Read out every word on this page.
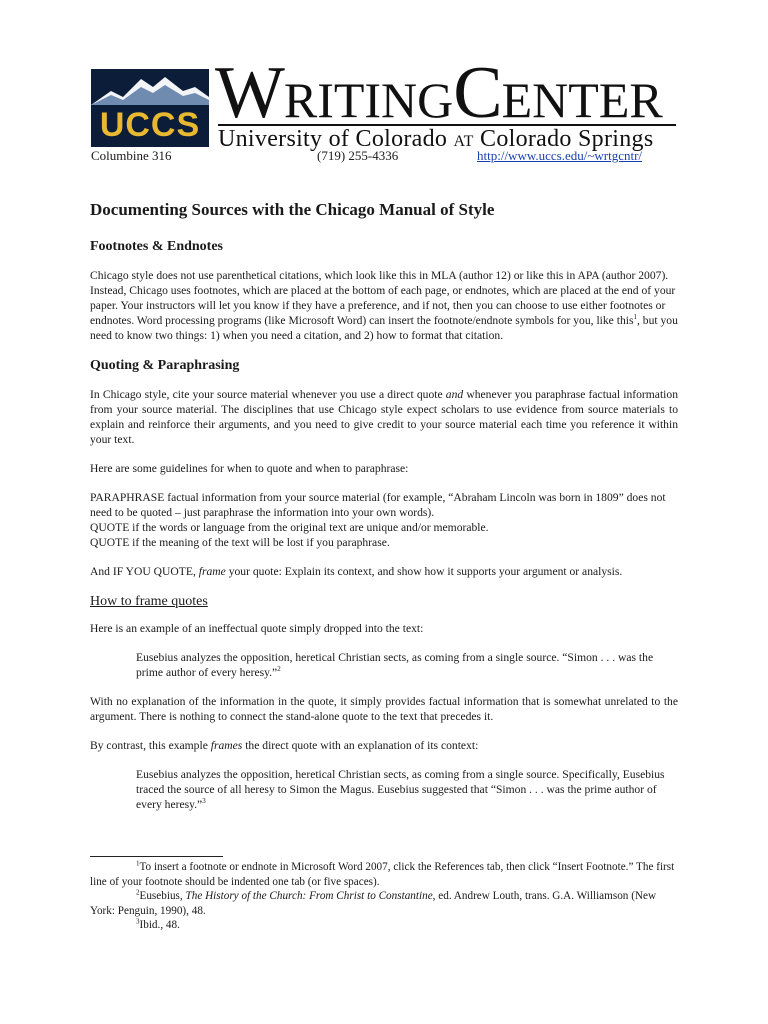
UCCS WRITINGCENTER
University of Colorado AT Colorado Springs
Columbine 316	(719) 255-4336	http://www.uccs.edu/~wrtgcntr/
Documenting Sources with the Chicago Manual of Style
Footnotes & Endnotes

Chicago style does not use parenthetical citations, which look like this in MLA (author 12) or like this in APA (author 2007). Instead, Chicago uses footnotes, which are placed at the bottom of each page, or endnotes, which are placed at the end of your paper. Your instructors will let you know if they have a preference, and if not, then you can choose to use either footnotes or endnotes. Word processing programs (like Microsoft Word) can insert the footnote/endnote symbols for you, like this$^1$, but you need to know two things: 1) when you need a citation, and 2) how to format that citation.

Quoting & Paraphrasing

In Chicago style, cite your source material whenever you use a direct quote and whenever you paraphrase factual information from your source material. The disciplines that use Chicago style expect scholars to use evidence from source materials to explain and reinforce their arguments, and you need to give credit to your source material each time you reference it within your text.

Here are some guidelines for when to quote and when to paraphrase:

PARAPHRASE factual information from your source material (for example, “Abraham Lincoln was born in 1809” does not need to be quoted – just paraphrase the information into your own words).

QUOTE if the words or language from the original text are unique and/or memorable.

QUOTE if the meaning of the text will be lost if you paraphrase.

And IF YOU QUOTE, frame your quote: Explain its context, and show how it supports your argument or analysis.

How to frame quotes

Here is an example of an ineffectual quote simply dropped into the text:

Eusebius analyzes the opposition, heretical Christian sects, as coming from a single source. “Simon . . . was the prime author of every heresy.”$^2$

With no explanation of the information in the quote, it simply provides factual information that is somewhat unrelated to the argument. There is nothing to connect the stand-alone quote to the text that precedes it.

By contrast, this example frames the direct quote with an explanation of its context:

Eusebius analyzes the opposition, heretical Christian sects, as coming from a single source. Specifically, Eusebius traced the source of all heresy to Simon the Magus. Eusebius suggested that “Simon . . . was the prime author of every heresy.”$^3$

$^1$To insert a footnote or endnote in Microsoft Word 2007, click the References tab, then click “Insert Footnote.” The first line of your footnote should be indented one tab (or five spaces).

$^2$Eusebius, The History of the Church: From Christ to Constantine, ed. Andrew Louth, trans. G.A. Williamson (New York: Penguin, 1990), 48.

$^3$Ibid., 48.
